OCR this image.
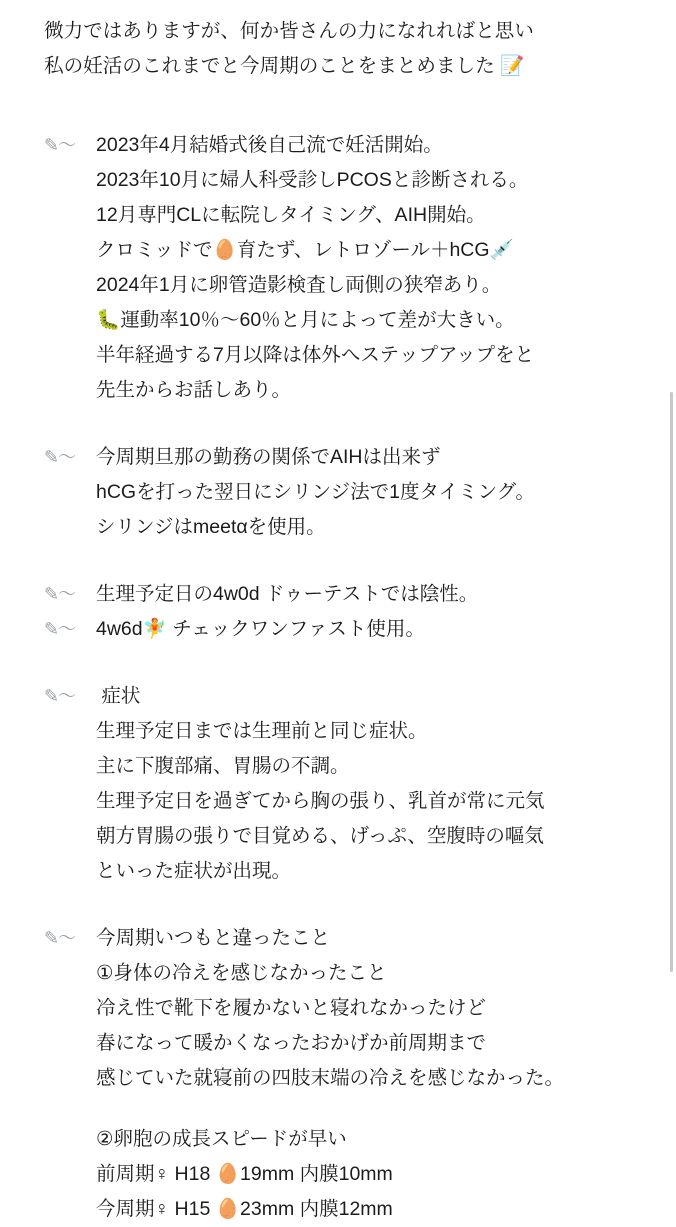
微力ではありますが、何か皆さんの力になれればと思い
私の妊活のこれまでと今周期のことをまとめました 📝
✎〜	2023年4月結婚式後自己流で妊活開始。
2023年10月に婦人科受診しPCOSと診断される。
12月専門CLに転院しタイミング、AIH開始。
クロミッドで🥚育たず、レトロゾール＋hCG💉
2024年1月に卵管造影検査し両側の狭窄あり。
🐛運動率10％〜60％と月によって差が大きい。
半年経過する7月以降は体外へステップアップをと
先生からお話しあり。
✎〜	今周期旦那の勤務の関係でAIHは出来ず
hCGを打った翌日にシリンジ法で1度タイミング。
シリンジはmeetαを使用。
✎〜	生理予定日の4w0d ドゥーテストでは陰性。
✎〜	4w6d🧚 チェックワンファスト使用。
✎〜	症状
生理予定日までは生理前と同じ症状。
主に下腹部痛、胃腸の不調。
生理予定日を過ぎてから胸の張り、乳首が常に元気
朝方胃腸の張りで目覚める、げっぷ、空腹時の嘔気
といった症状が出現。
✎〜	今周期いつもと違ったこと
①身体の冷えを感じなかったこと
冷え性で靴下を履かないと寝れなかったけど
春になって暖かくなったおかげか前周期まで
感じていた就寝前の四肢末端の冷えを感じなかった。
②卵胞の成長スピードが早い
前周期♀ H18 🥚19mm 内膜10mm
今周期♀ H15 🥚23mm 内膜12mm
